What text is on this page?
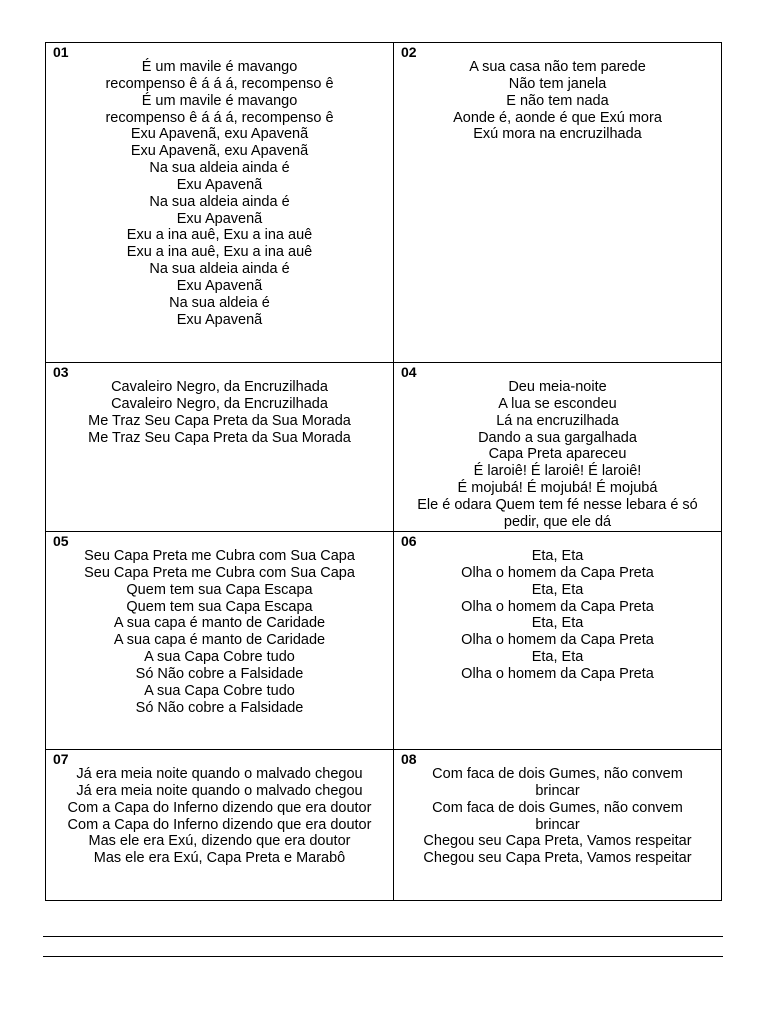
01
É um mavile é mavango
recompenso ê á á á, recompenso ê
É um mavile é mavango
recompenso ê á á á, recompenso ê
Exu Apavenã, exu Apavenã
Exu Apavenã, exu Apavenã
Na sua aldeia ainda é
Exu Apavenã
Na sua aldeia ainda é
Exu Apavenã
Exu a ina auê, Exu a ina auê
Exu a ina auê, Exu a ina auê
Na sua aldeia ainda é
Exu Apavenã
Na sua aldeia é
Exu Apavenã
02
A sua casa não tem parede
Não tem janela
E não tem nada
Aonde é, aonde é que Exú mora
Exú mora na encruzilhada
03
Cavaleiro Negro, da Encruzilhada
Cavaleiro Negro, da Encruzilhada
Me Traz Seu Capa Preta da Sua Morada
Me Traz Seu Capa Preta da Sua Morada
04
Deu meia-noite
A lua se escondeu
Lá na encruzilhada
Dando a sua gargalhada
Capa Preta apareceu
É laroiê! É laroiê! É laroiê!
É mojubá! É mojubá! É mojubá
Ele é odara Quem tem fé nesse lebara é só
pedir, que ele dá
05
Seu Capa Preta me Cubra com Sua Capa
Seu Capa Preta me Cubra com Sua Capa
Quem tem sua Capa Escapa
Quem tem sua Capa Escapa
A sua capa é manto de Caridade
A sua capa é manto de Caridade
A sua Capa Cobre tudo
Só Não cobre a Falsidade
A sua Capa Cobre tudo
Só Não cobre a Falsidade
06
Eta, Eta
Olha o homem da Capa Preta
Eta, Eta
Olha o homem da Capa Preta
Eta, Eta
Olha o homem da Capa Preta
Eta, Eta
Olha o homem da Capa Preta
07
Já era meia noite quando o malvado chegou
Já era meia noite quando o malvado chegou
Com a Capa do Inferno dizendo que era doutor
Com a Capa do Inferno dizendo que era doutor
Mas ele era Exú, dizendo que era doutor
Mas ele era Exú, Capa Preta e Marabô
08
Com faca de dois Gumes, não convem
brincar
Com faca de dois Gumes, não convem
brincar
Chegou seu Capa Preta, Vamos respeitar
Chegou seu Capa Preta, Vamos respeitar
